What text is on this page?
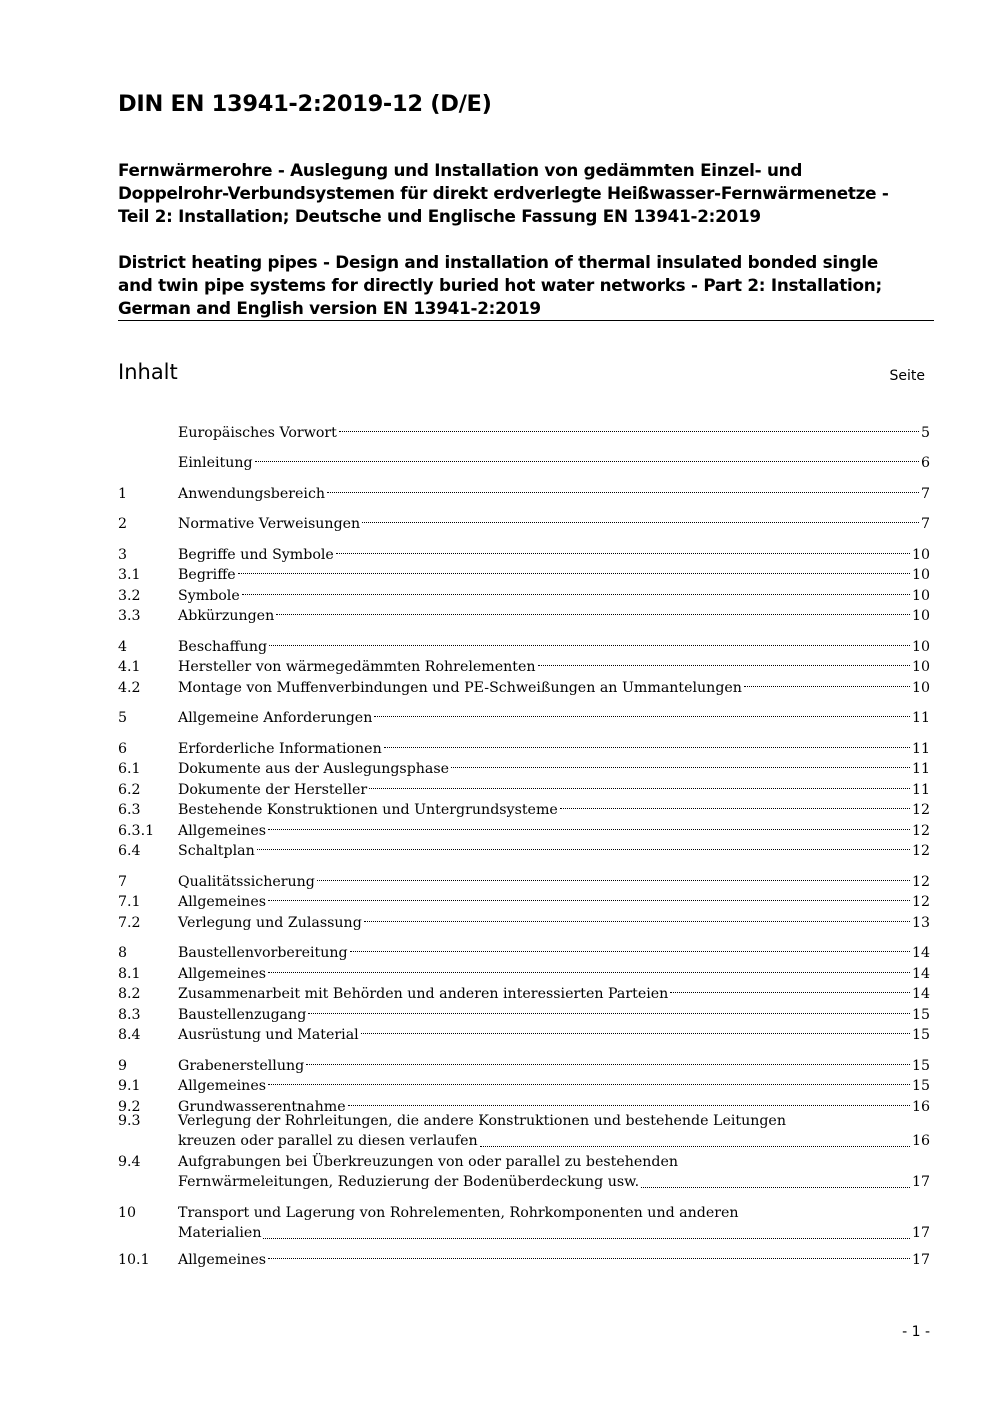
DIN EN 13941-2:2019-12 (D/E)
Fernwärmerohre - Auslegung und Installation von gedämmten Einzel- und
Doppelrohr-Verbundsystemen für direkt erdverlegte Heißwasser-Fernwärmenetze -
Teil 2: Installation; Deutsche und Englische Fassung EN 13941-2:2019
District heating pipes - Design and installation of thermal insulated bonded single
and twin pipe systems for directly buried hot water networks - Part 2: Installation;
German and English version EN 13941-2:2019
Inhalt	Seite
Europäisches Vorwort	5
Einleitung	6
1	Anwendungsbereich	7
2	Normative Verweisungen	7
3	Begriffe und Symbole	10
3.1	Begriffe	10
3.2	Symbole	10
3.3	Abkürzungen	10
4	Beschaffung	10
4.1	Hersteller von wärmegedämmten Rohrelementen	10
4.2	Montage von Muffenverbindungen und PE-Schweißungen an Ummantelungen	10
5	Allgemeine Anforderungen	11
6	Erforderliche Informationen	11
6.1	Dokumente aus der Auslegungsphase	11
6.2	Dokumente der Hersteller	11
6.3	Bestehende Konstruktionen und Untergrundsysteme	12
6.3.1	Allgemeines	12
6.4	Schaltplan	12
7	Qualitätssicherung	12
7.1	Allgemeines	12
7.2	Verlegung und Zulassung	13
8	Baustellenvorbereitung	14
8.1	Allgemeines	14
8.2	Zusammenarbeit mit Behörden und anderen interessierten Parteien	14
8.3	Baustellenzugang	15
8.4	Ausrüstung und Material	15
9	Grabenerstellung	15
9.1	Allgemeines	15
9.2	Grundwasserentnahme	16
9.3	Verlegung der Rohrleitungen, die andere Konstruktionen und bestehende Leitungen
kreuzen oder parallel zu diesen verlaufen	16
9.4	Aufgrabungen bei Überkreuzungen von oder parallel zu bestehenden
Fernwärmeleitungen, Reduzierung der Bodenüberdeckung usw.	17
10	Transport und Lagerung von Rohrelementen, Rohrkomponenten und anderen
Materialien	17
10.1	Allgemeines	17
- 1 -
